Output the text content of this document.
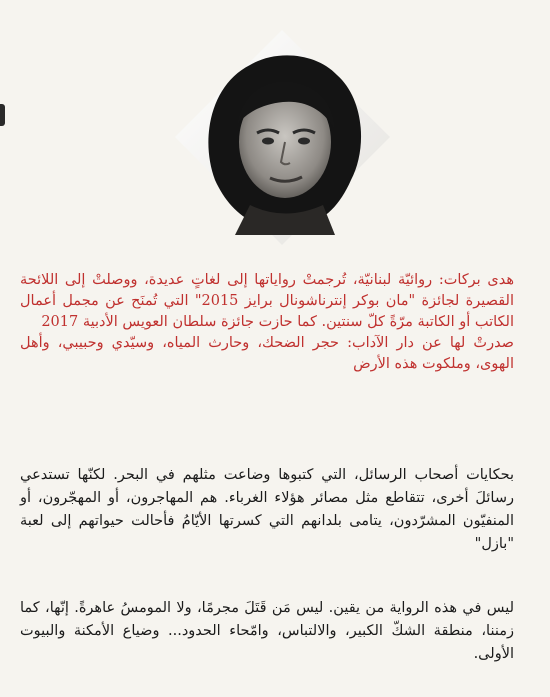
هدى بركات: روائيّة لبنانيّة، تُرجمتْ رواياتها إلى لغاتٍ عديدة، ووصلتْ إلى اللائحة القصيرة لجائزة "مان بوكر إنترناشونال برايز 2015" التي تُمنَح عن مجمل أعمال الكاتب أو الكاتبة مرّةً كلّ سنتين. كما حازت جائزة سلطان العويس الأدبية 2017

صدرتْ لها عن دار الآداب: حجر الضحك، وحارث المياه، وسيّدي وحبيبي، وأهل الهوى، وملكوت هذه الأرض

بحكايات أصحاب الرسائل، التي كتبوها وضاعت مثلهم في البحر. لكنّها تستدعي رسائلَ أخرى، تتقاطع مثل مصائر هؤلاء الغرباء. هم المهاجرون، أو المهجّرون، أو المنفيّون المشرّدون، يتامى بلدانهم التي كسرتها الأيّامُ فأحالت حيواتهم إلى لعبة "بازل"

ليس في هذه الرواية من يقين. ليس مَن قَتَلَ مجرمًا، ولا المومسُ عاهرةً. إنّها، كما زمننا، منطقة الشكّ الكبير، والالتباس، وامّحاء الحدود... وضياع الأمكنة والبيوت الأولى.
